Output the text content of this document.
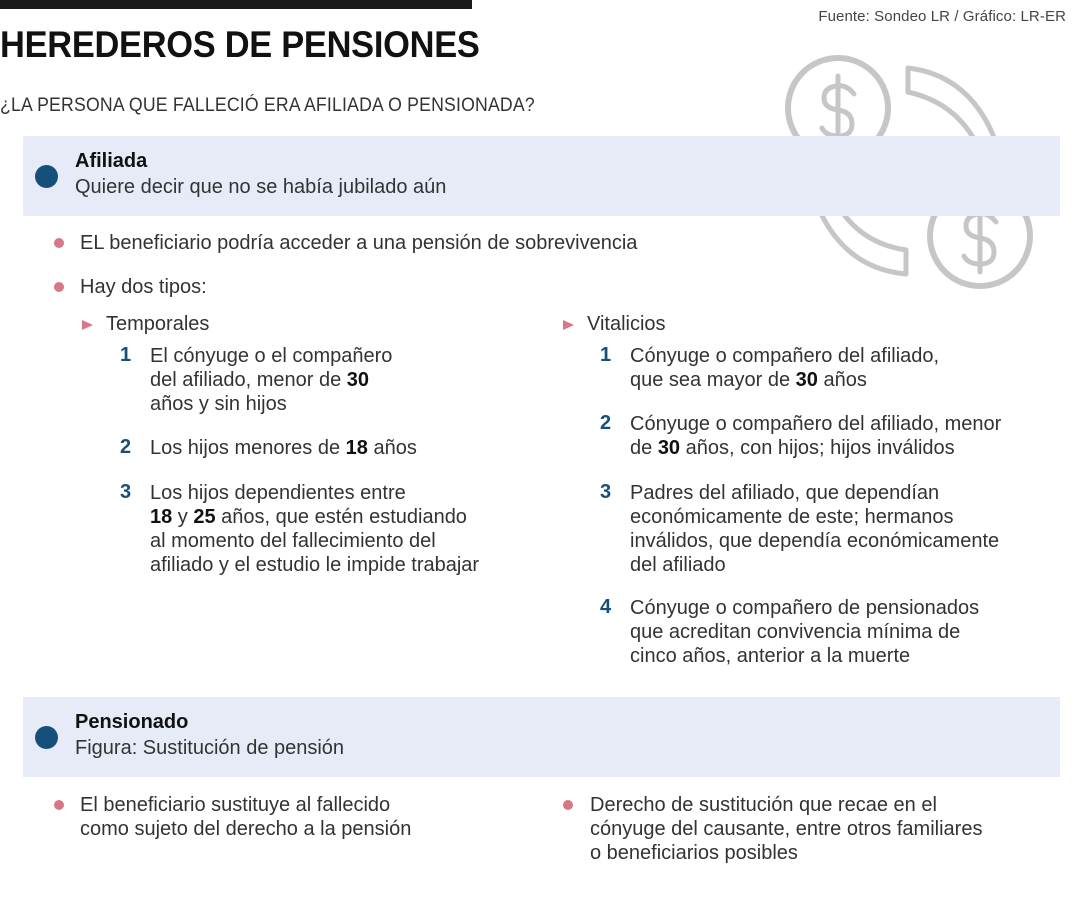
Fuente: Sondeo LR / Gráfico: LR-ER
HEREDEROS DE PENSIONES
¿LA PERSONA QUE FALLECIÓ ERA AFILIADA O PENSIONADA?
Afiliada
Quiere decir que no se había jubilado aún
EL beneficiario podría acceder a una pensión de sobrevivencia
Hay dos tipos:
Temporales
1 El cónyuge o el compañero
del afiliado, menor de 30
años y sin hijos
2 Los hijos menores de 18 años
3 Los hijos dependientes entre
18 y 25 años, que estén estudiando
al momento del fallecimiento del
afiliado y el estudio le impide trabajar
Vitalicios
1 Cónyuge o compañero del afiliado,
que sea mayor de 30 años
2 Cónyuge o compañero del afiliado, menor
de 30 años, con hijos; hijos inválidos
3 Padres del afiliado, que dependían
económicamente de este; hermanos
inválidos, que dependía económicamente
del afiliado
4 Cónyuge o compañero de pensionados
que acreditan convivencia mínima de
cinco años, anterior a la muerte
Pensionado
Figura: Sustitución de pensión
El beneficiario sustituye al fallecido
como sujeto del derecho a la pensión
Derecho de sustitución que recae en el
cónyuge del causante, entre otros familiares
o beneficiarios posibles
